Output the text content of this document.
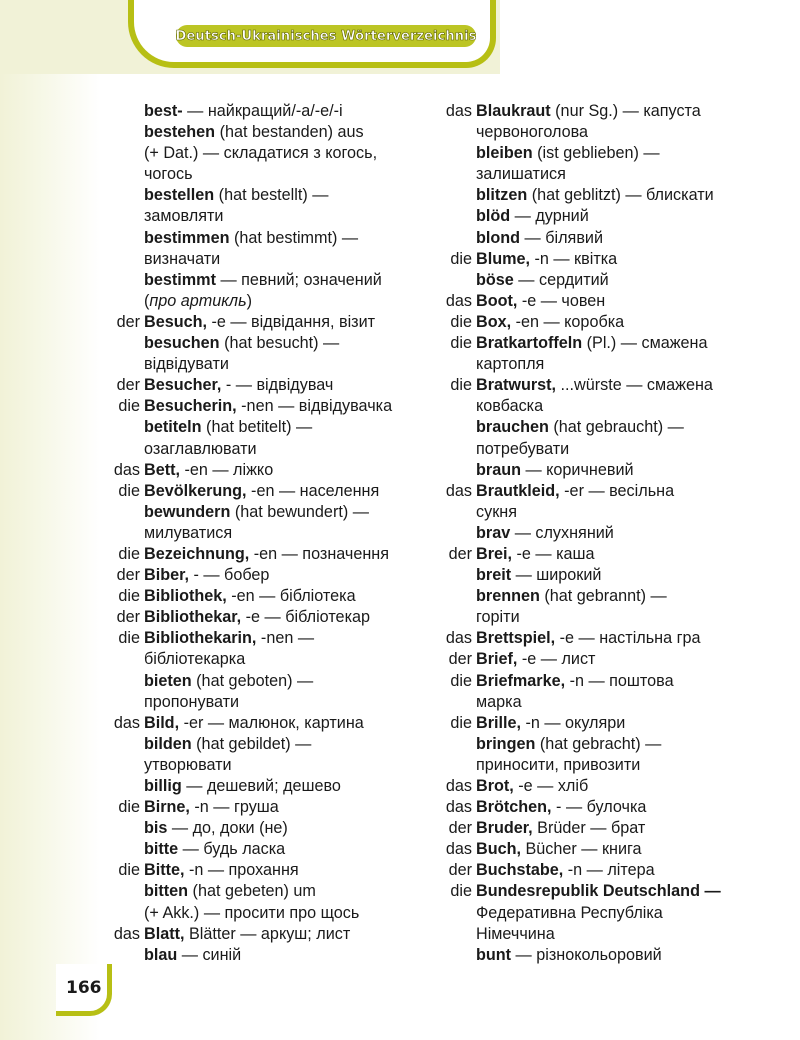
Deutsch-Ukrainisches Wörterverzeichnis
best- — найкращий/-а/-е/-і
bestehen (hat bestanden) aus
(+ Dat.) — складатися з когось,
чогось
bestellen (hat bestellt) —
замовляти
bestimmen (hat bestimmt) —
визначати
bestimmt — певний; означений
(про артикль)
der Besuch, -e — відвідання, візит
besuchen (hat besucht) —
відвідувати
der Besucher, - — відвідувач
die Besucherin, -nen — відвідувачка
betiteln (hat betitelt) —
озаглавлювати
das Bett, -en — ліжко
die Bevölkerung, -en — населення
bewundern (hat bewundert) —
милуватися
die Bezeichnung, -en — позначення
der Biber, - — бобер
die Bibliothek, -en — бібліотека
der Bibliothekar, -e — бібліотекар
die Bibliothekarin, -nen —
бібліотекарка
bieten (hat geboten) —
пропонувати
das Bild, -er — малюнок, картина
bilden (hat gebildet) —
утворювати
billig — дешевий; дешево
die Birne, -n — груша
bis — до, доки (не)
bitte — будь ласка
die Bitte, -n — прохання
bitten (hat gebeten) um
(+ Akk.) — просити про щось
das Blatt, Blätter — аркуш; лист
blau — синій
das Blaukraut (nur Sg.) — капуста
червоноголова
bleiben (ist geblieben) —
залишатися
blitzen (hat geblitzt) — блискати
blöd — дурний
blond — білявий
die Blume, -n — квітка
böse — сердитий
das Boot, -e — човен
die Box, -en — коробка
die Bratkartoffeln (Pl.) — смажена
картопля
die Bratwurst, ...würste — смажена
ковбаска
brauchen (hat gebraucht) —
потребувати
braun — коричневий
das Brautkleid, -er — весільна
сукня
brav — слухняний
der Brei, -e — каша
breit — широкий
brennen (hat gebrannt) —
горіти
das Brettspiel, -e — настільна гра
der Brief, -e — лист
die Briefmarke, -n — поштова
марка
die Brille, -n — окуляри
bringen (hat gebracht) —
приносити, привозити
das Brot, -e — хліб
das Brötchen, - — булочка
der Bruder, Brüder — брат
das Buch, Bücher — книга
der Buchstabe, -n — літера
die Bundesrepublik Deutschland —
Федеративна Республіка
Німеччина
bunt — різнокольоровий
166
